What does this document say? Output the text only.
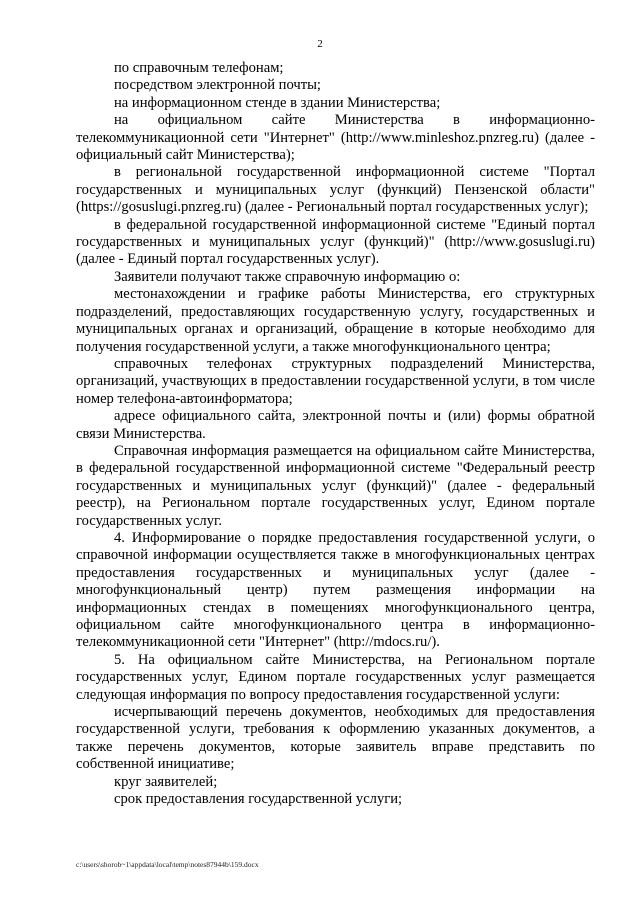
2

по справочным телефонам;

посредством электронной почты;

на информационном стенде в здании Министерства;

на официальном сайте Министерства в информационно-телекоммуникационной сети "Интернет" (http://www.minleshoz.pnzreg.ru) (далее - официальный сайт Министерства);

в региональной государственной информационной системе "Портал государственных и муниципальных услуг (функций) Пензенской области" (https://gosuslugi.pnzreg.ru) (далее - Региональный портал государственных услуг);

в федеральной государственной информационной системе "Единый портал государственных и муниципальных услуг (функций)" (http://www.gosuslugi.ru) (далее - Единый портал государственных услуг).

Заявители получают также справочную информацию о:

местонахождении и графике работы Министерства, его структурных подразделений, предоставляющих государственную услугу, государственных и муниципальных органах и организаций, обращение в которые необходимо для получения государственной услуги, а также многофункционального центра;

справочных телефонах структурных подразделений Министерства, организаций, участвующих в предоставлении государственной услуги, в том числе номер телефона-автоинформатора;

адресе официального сайта, электронной почты и (или) формы обратной связи Министерства.

Справочная информация размещается на официальном сайте Министерства, в федеральной государственной информационной системе "Федеральный реестр государственных и муниципальных услуг (функций)" (далее - федеральный реестр), на Региональном портале государственных услуг, Едином портале государственных услуг.

4. Информирование о порядке предоставления государственной услуги, о справочной информации осуществляется также в многофункциональных центрах предоставления государственных и муниципальных услуг (далее - многофункциональный центр) путем размещения информации на информационных стендах в помещениях многофункционального центра, официальном сайте многофункционального центра в информационно-телекоммуникационной сети "Интернет" (http://mdocs.ru/).

5. На официальном сайте Министерства, на Региональном портале государственных услуг, Едином портале государственных услуг размещается следующая информация по вопросу предоставления государственной услуги:

исчерпывающий перечень документов, необходимых для предоставления государственной услуги, требования к оформлению указанных документов, а также перечень документов, которые заявитель вправе представить по собственной инициативе;

круг заявителей;

срок предоставления государственной услуги;

c:\users\shorob~1\appdata\local\temp\notes87944b\159.docx
